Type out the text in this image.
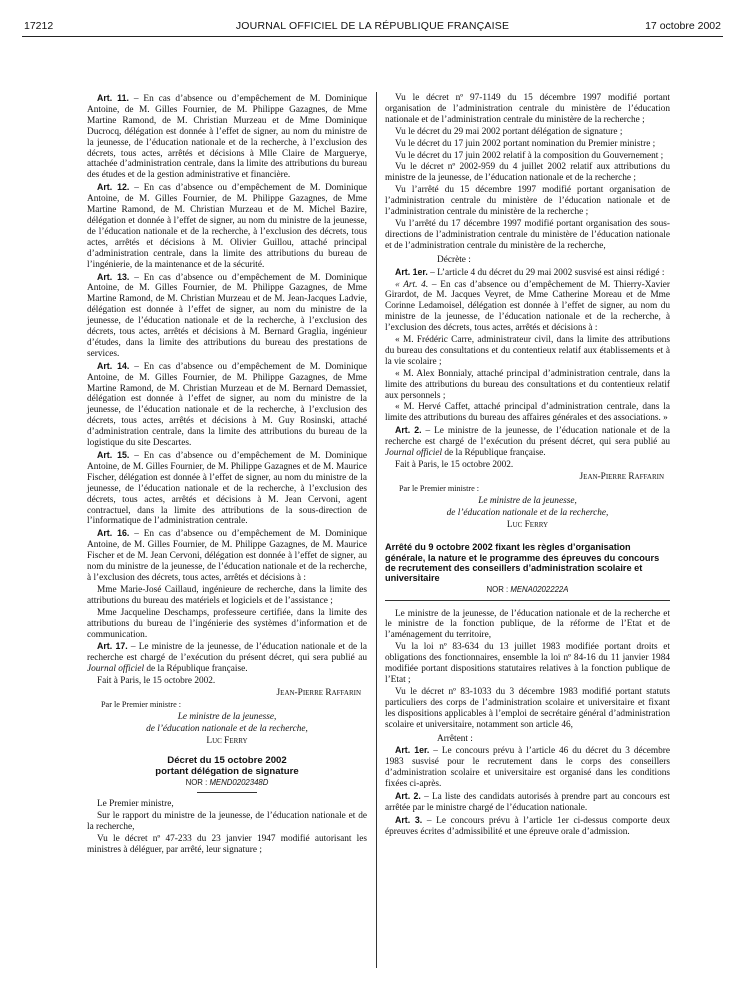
17212	JOURNAL OFFICIEL DE LA RÉPUBLIQUE FRANÇAISE	17 octobre 2002

Art. 11. – En cas d’absence ou d’empêchement de M. Dominique Antoine, de M. Gilles Fournier, de M. Philippe Gazagnes, de Mme Martine Ramond, de M. Christian Murzeau et de Mme Dominique Ducrocq, délégation est donnée à l’effet de signer, au nom du ministre de la jeunesse, de l’éducation nationale et de la recherche, à l’exclusion des décrets, tous actes, arrêtés et décisions à Mlle Claire de Marguerye, attachée d’administration centrale, dans la limite des attributions du bureau des études et de la gestion administrative et financière.

Art. 12. – En cas d’absence ou d’empêchement de M. Dominique Antoine, de M. Gilles Fournier, de M. Philippe Gazagnes, de Mme Martine Ramond, de M. Christian Murzeau et de M. Michel Bazire, délégation et donnée à l’effet de signer, au nom du ministre de la jeunesse, de l’éducation nationale et de la recherche, à l’exclusion des décrets, tous actes, arrêtés et décisions à M. Olivier Guillou, attaché principal d’administration centrale, dans la limite des attributions du bureau de l’ingénierie, de la maintenance et de la sécurité.

Art. 13. – En cas d’absence ou d’empêchement de M. Dominique Antoine, de M. Gilles Fournier, de M. Philippe Gazagnes, de Mme Martine Ramond, de M. Christian Murzeau et de M. Jean-Jacques Ladvie, délégation est donnée à l’effet de signer, au nom du ministre de la jeunesse, de l’éducation nationale et de la recherche, à l’exclusion des décrets, tous actes, arrêtés et décisions à M. Bernard Graglia, ingénieur d’études, dans la limite des attributions du bureau des prestations de services.

Art. 14. – En cas d’absence ou d’empêchement de M. Dominique Antoine, de M. Gilles Fournier, de M. Philippe Gazagnes, de Mme Martine Ramond, de M. Christian Murzeau et de M. Bernard Demassiet, délégation est donnée à l’effet de signer, au nom du ministre de la jeunesse, de l’éducation nationale et de la recherche, à l’exclusion des décrets, tous actes, arrêtés et décisions à M. Guy Rosinski, attaché d’administration centrale, dans la limite des attributions du bureau de la logistique du site Descartes.

Art. 15. – En cas d’absence ou d’empêchement de M. Dominique Antoine, de M. Gilles Fournier, de M. Philippe Gazagnes et de M. Maurice Fischer, délégation est donnée à l’effet de signer, au nom du ministre de la jeunesse, de l’éducation nationale et de la recherche, à l’exclusion des décrets, tous actes, arrêtés et décisions à M. Jean Cervoni, agent contractuel, dans la limite des attributions de la sous-direction de l’informatique de l’administration centrale.

Art. 16. – En cas d’absence ou d’empêchement de M. Dominique Antoine, de M. Gilles Fournier, de M. Philippe Gazagnes, de M. Maurice Fischer et de M. Jean Cervoni, délégation est donnée à l’effet de signer, au nom du ministre de la jeunesse, de l’éducation nationale et de la recherche, à l’exclusion des décrets, tous actes, arrêtés et décisions à :

Mme Marie-José Caillaud, ingénieure de recherche, dans la limite des attributions du bureau des matériels et logiciels et de l’assistance ;

Mme Jacqueline Deschamps, professeure certifiée, dans la limite des attributions du bureau de l’ingénierie des systèmes d’information et de communication.

Art. 17. – Le ministre de la jeunesse, de l’éducation nationale et de la recherche est chargé de l’exécution du présent décret, qui sera publié au Journal officiel de la République française.

Fait à Paris, le 15 octobre 2002.

Jean-Pierre Raffarin

Par le Premier ministre :

Le ministre de la jeunesse,

de l’éducation nationale et de la recherche,

Luc Ferry

Décret du 15 octobre 2002
portant délégation de signature
NOR : MEND0202348D

Le Premier ministre,

Sur le rapport du ministre de la jeunesse, de l’éducation nationale et de la recherche,

Vu le décret nº 47-233 du 23 janvier 1947 modifié autorisant les ministres à déléguer, par arrêté, leur signature ;

Vu le décret nº 97-1149 du 15 décembre 1997 modifié portant organisation de l’administration centrale du ministère de l’éducation nationale et de l’administration centrale du ministère de la recherche ;

Vu le décret du 29 mai 2002 portant délégation de signature ;

Vu le décret du 17 juin 2002 portant nomination du Premier ministre ;

Vu le décret du 17 juin 2002 relatif à la composition du Gouvernement ;

Vu le décret nº 2002-959 du 4 juillet 2002 relatif aux attributions du ministre de la jeunesse, de l’éducation nationale et de la recherche ;

Vu l’arrêté du 15 décembre 1997 modifié portant organisation de l’administration centrale du ministère de l’éducation nationale et de l’administration centrale du ministère de la recherche ;

Vu l’arrêté du 17 décembre 1997 modifié portant organisation des sous-directions de l’administration centrale du ministère de l’éducation nationale et de l’administration centrale du ministère de la recherche,

Décrète :

Art. 1er. – L’article 4 du décret du 29 mai 2002 susvisé est ainsi rédigé :

« Art. 4. – En cas d’absence ou d’empêchement de M. Thierry-Xavier Girardot, de M. Jacques Veyret, de Mme Catherine Moreau et de Mme Corinne Ledamoisel, délégation est donnée à l’effet de signer, au nom du ministre de la jeunesse, de l’éducation nationale et de la recherche, à l’exclusion des décrets, tous actes, arrêtés et décisions à :

« M. Frédéric Carre, administrateur civil, dans la limite des attributions du bureau des consultations et du contentieux relatif aux établissements et à la vie scolaire ;

« M. Alex Bonnialy, attaché principal d’administration centrale, dans la limite des attributions du bureau des consultations et du contentieux relatif aux personnels ;

« M. Hervé Caffet, attaché principal d’administration centrale, dans la limite des attributions du bureau des affaires générales et des associations. »

Art. 2. – Le ministre de la jeunesse, de l’éducation nationale et de la recherche est chargé de l’exécution du présent décret, qui sera publié au Journal officiel de la République française.

Fait à Paris, le 15 octobre 2002.

Jean-Pierre Raffarin

Par le Premier ministre :

Le ministre de la jeunesse,

de l’éducation nationale et de la recherche,

Luc Ferry

Arrêté du 9 octobre 2002 fixant les règles d’organisation générale, la nature et le programme des épreuves du concours de recrutement des conseillers d’administration scolaire et universitaire
NOR : MENA0202222A

Le ministre de la jeunesse, de l’éducation nationale et de la recherche et le ministre de la fonction publique, de la réforme de l’Etat et de l’aménagement du territoire,

Vu la loi nº 83-634 du 13 juillet 1983 modifiée portant droits et obligations des fonctionnaires, ensemble la loi nº 84-16 du 11 janvier 1984 modifiée portant dispositions statutaires relatives à la fonction publique de l’Etat ;

Vu le décret nº 83-1033 du 3 décembre 1983 modifié portant statuts particuliers des corps de l’administration scolaire et universitaire et fixant les dispositions applicables à l’emploi de secrétaire général d’administration scolaire et universitaire, notamment son article 46,

Arrêtent :

Art. 1er. – Le concours prévu à l’article 46 du décret du 3 décembre 1983 susvisé pour le recrutement dans le corps des conseillers d’administration scolaire et universitaire est organisé dans les conditions fixées ci-après.

Art. 2. – La liste des candidats autorisés à prendre part au concours est arrêtée par le ministre chargé de l’éducation nationale.

Art. 3. – Le concours prévu à l’article 1er ci-dessus comporte deux épreuves écrites d’admissibilité et une épreuve orale d’admission.
